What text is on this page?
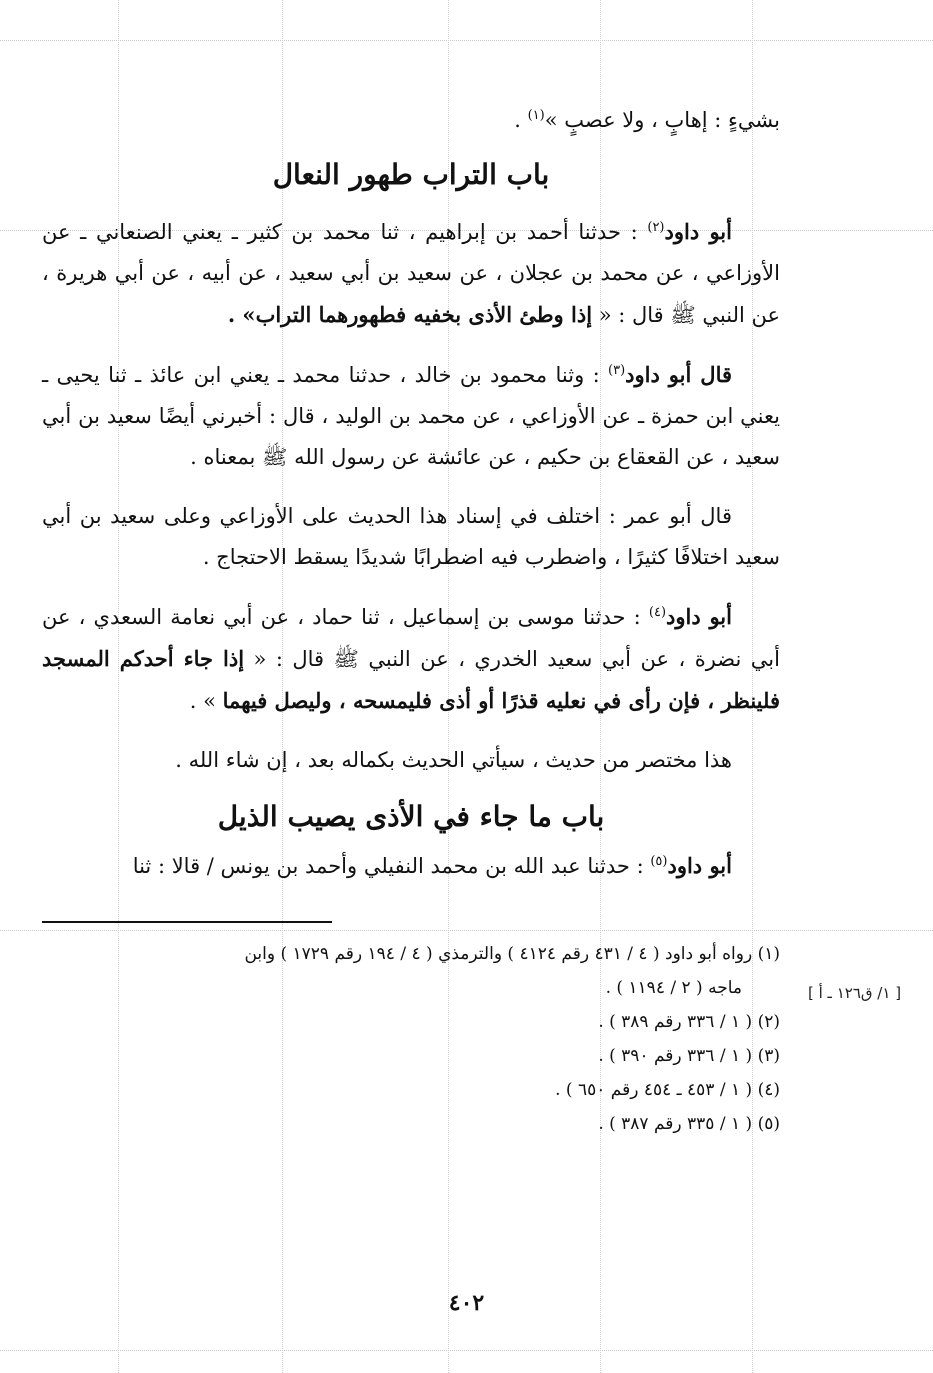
بشيءٍ : إهابٍ ، ولا عصبٍ »$^{(١)}$ .

باب التراب طهور النعال

أبو داود$^{(٢)}$ : حدثنا أحمد بن إبراهيم ، ثنا محمد بن كثير ـ يعني الصنعاني ـ عن الأوزاعي ، عن محمد بن عجلان ، عن سعيد بن أبي سعيد ، عن أبيه ، عن أبي هريرة ، عن النبي ﷺ قال : « إذا وطئ الأذى بخفيه فطهورهما التراب» .

قال أبو داود$^{(٣)}$ : وثنا محمود بن خالد ، حدثنا محمد ـ يعني ابن عائذ ـ ثنا يحيى ـ يعني ابن حمزة ـ عن الأوزاعي ، عن محمد بن الوليد ، قال : أخبرني أيضًا سعيد بن أبي سعيد ، عن القعقاع بن حكيم ، عن عائشة عن رسول الله ﷺ بمعناه .

قال أبو عمر : اختلف في إسناد هذا الحديث على الأوزاعي وعلى سعيد بن أبي سعيد اختلافًا كثيرًا ، واضطرب فيه اضطرابًا شديدًا يسقط الاحتجاج .

أبو داود$^{(٤)}$ : حدثنا موسى بن إسماعيل ، ثنا حماد ، عن أبي نعامة السعدي ، عن أبي نضرة ، عن أبي سعيد الخدري ، عن النبي ﷺ قال : « إذا جاء أحدكم المسجد فلينظر ، فإن رأى في نعليه قذرًا أو أذى فليمسحه ، وليصل فيهما » .

هذا مختصر من حديث ، سيأتي الحديث بكماله بعد ، إن شاء الله .

باب ما جاء في الأذى يصيب الذيل

أبو داود$^{(٥)}$ : حدثنا عبد الله بن محمد النفيلي وأحمد بن يونس / قالا : ثنا

(١) رواه أبو داود ( ٤ / ٤٣١ رقم ٤١٢٤ ) والترمذي ( ٤ / ١٩٤ رقم ١٧٢٩ ) وابن

ماجه ( ٢ / ١١٩٤ ) .

(٢) ( ١ / ٣٣٦ رقم ٣٨٩ ) .

(٣) ( ١ / ٣٣٦ رقم ٣٩٠ ) .

(٤) ( ١ / ٤٥٣ ـ ٤٥٤ رقم ٦٥٠ ) .

(٥) ( ١ / ٣٣٥ رقم ٣٨٧ ) .

[ ١/ ق١٢٦ ـ أ ]
٤٠٢
